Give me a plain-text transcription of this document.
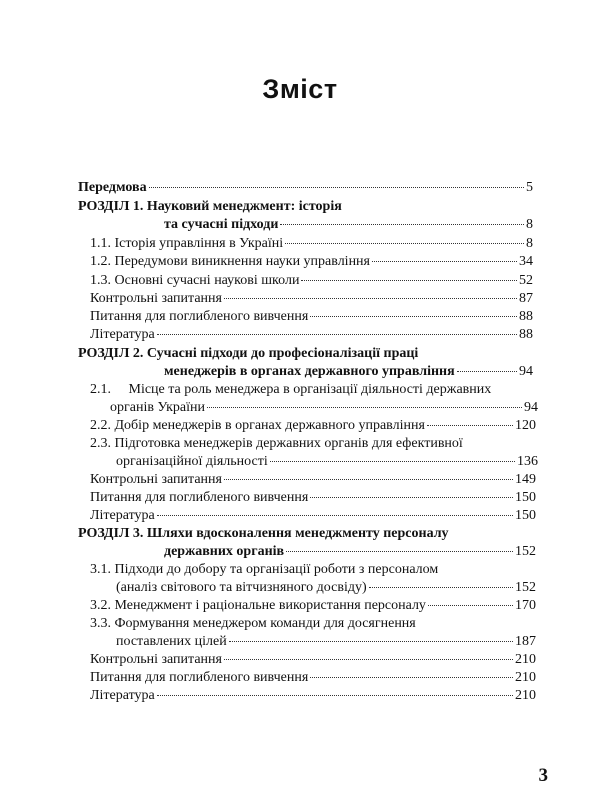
Зміст
Передмова	5
РОЗДІЛ 1. Науковий менеджмент: історія
та сучасні підходи	8
1.1. Історія управління в Україні	8
1.2. Передумови виникнення науки управління	34
1.3. Основні сучасні наукові школи	52
Контрольні запитання	87
Питання для поглибленого вивчення	88
Література	88
РОЗДІЛ 2. Сучасні підходи до професіоналізації праці
менеджерів в органах державного управління	94
2.1.     Місце та роль менеджера в організації діяльності державних
органів України	94
2.2. Добір менеджерів в органах державного управління	120
2.3. Підготовка менеджерів державних органів для ефективної
організаційної діяльності	136
Контрольні запитання	149
Питання для поглибленого вивчення	150
Література	150
РОЗДІЛ 3. Шляхи вдосконалення менеджменту персоналу
державних органів	152
3.1. Підходи до добору та організації роботи з персоналом
(аналіз світового та вітчизняного досвіду)	152
3.2. Менеджмент і раціональне використання персоналу	170
3.3. Формування менеджером команди для досягнення
поставлених цілей	187
Контрольні запитання	210
Питання для поглибленого вивчення	210
Література	210
3
